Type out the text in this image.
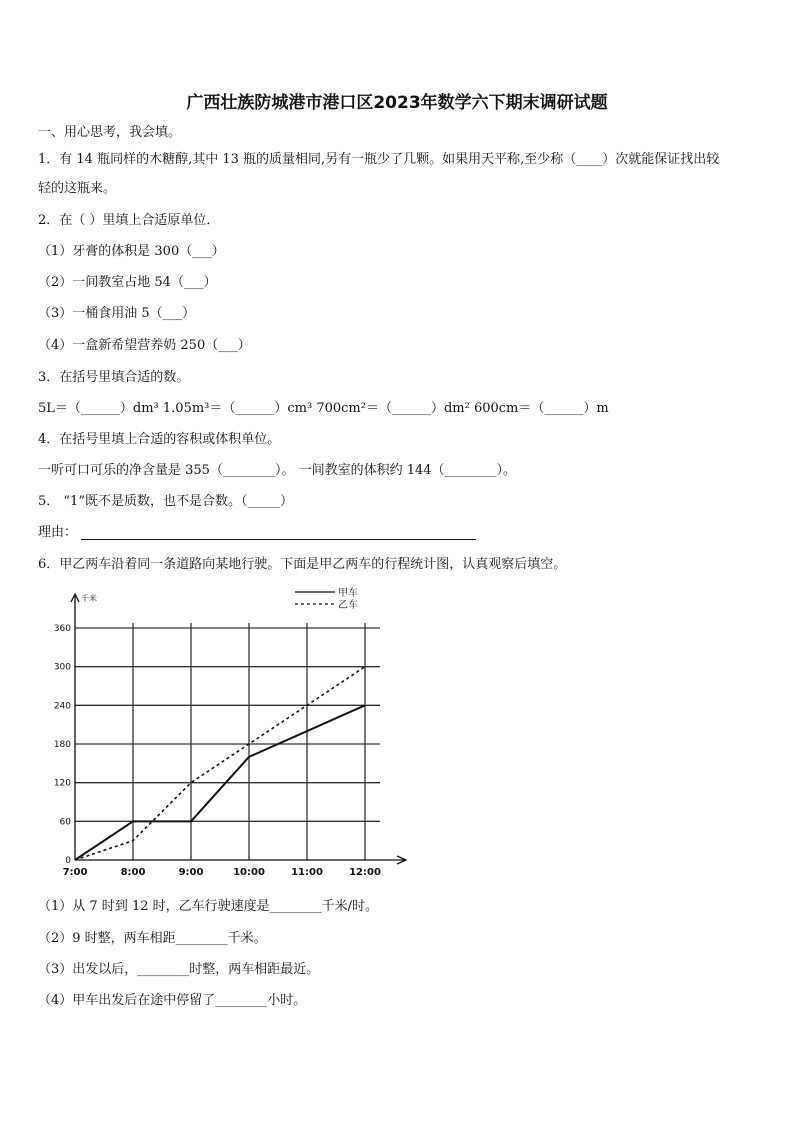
广西壮族防城港市港口区2023年数学六下期末调研试题
一、用心思考，我会填。
1．有 14 瓶同样的木糖醇,其中 13 瓶的质量相同,另有一瓶少了几颗。如果用天平称,至少称（____）次就能保证找出较
轻的这瓶来。
2．在（ ）里填上合适原单位．
（1）牙膏的体积是 300（___）
（2）一间教室占地 54（___）
（3）一桶食用油 5（___）
（4）一盒新希望营养奶 250（___）
3．在括号里填合适的数。
5L＝（______）dm³ 1.05m³＝（______）cm³ 700cm²＝（______）dm² 600cm＝（______）m
4．在括号里填上合适的容积或体积单位。
一听可口可乐的净含量是 355（________）。 一间教室的体积约 144（________）。
5． “1”既不是质数，也不是合数。（_____）
理由：
6．甲乙两车沿着同一条道路向某地行驶。下面是甲乙两车的行程统计图，认真观察后填空。
千米
0
60
120
180
240
300
360
7:00	8:00	9:00	10:00	11:00	12:00
甲车
乙车
（1）从 7 时到 12 时，乙车行驶速度是________千米/时。
（2）9 时整，两车相距________千米。
（3）出发以后，________时整，两车相距最近。
（4）甲车出发后在途中停留了________小时。
